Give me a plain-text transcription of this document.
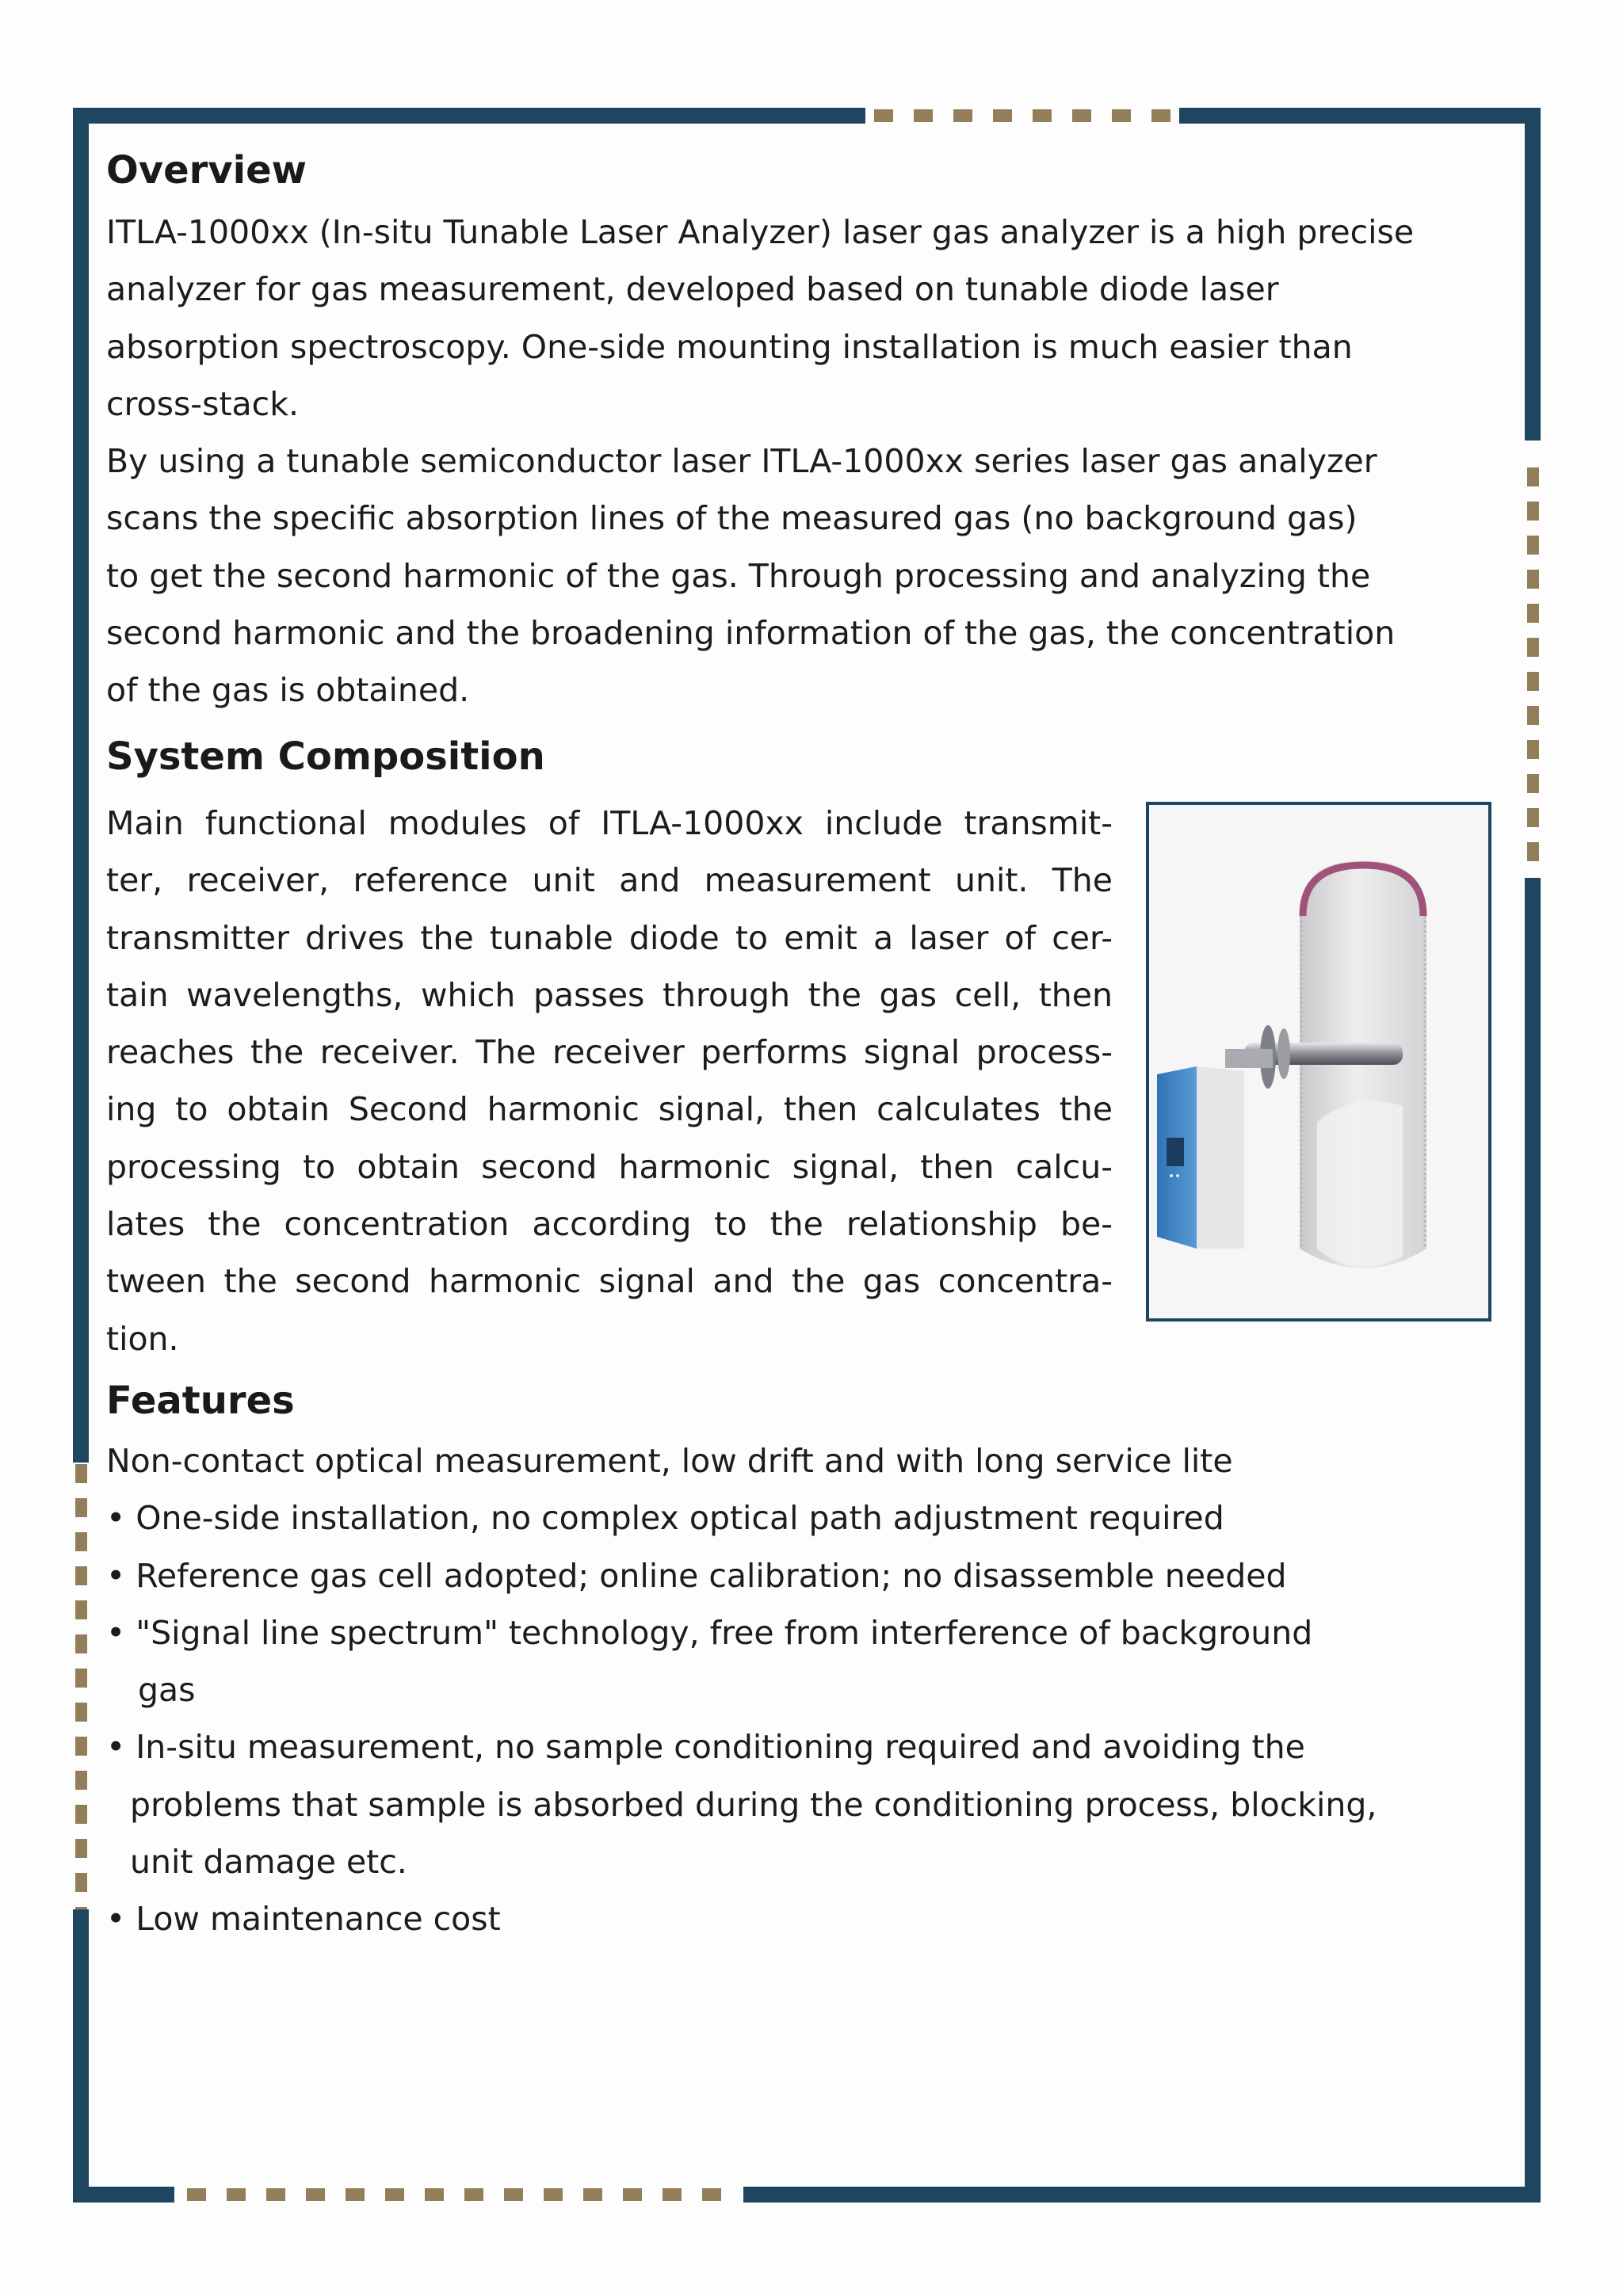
Overview
ITLA-1000xx (In-situ Tunable Laser Analyzer) laser gas analyzer is a high precise
analyzer for gas measurement, developed based on tunable diode laser
absorption spectroscopy. One-side mounting installation is much easier than
cross-stack.
By using a tunable semiconductor laser ITLA-1000xx series laser gas analyzer
scans the specific absorption lines of the measured gas (no background gas)
to get the second harmonic of the gas. Through processing and analyzing the
second harmonic and the broadening information of the gas, the concentration
of the gas is obtained.
System Composition
Main functional modules of ITLA-1000xx include transmit-
ter, receiver, reference unit and measurement unit. The
transmitter drives the tunable diode to emit a laser of cer-
tain wavelengths, which passes through the gas cell, then
reaches the receiver. The receiver performs signal process-
ing to obtain Second harmonic signal, then calculates the
processing to obtain second harmonic signal, then calcu-
lates the concentration according to the relationship be-
tween the second harmonic signal and the gas concentra-
tion.
Features
Non-contact optical measurement, low drift and with long service lite
• One-side installation, no complex optical path adjustment required
• Reference gas cell adopted; online calibration; no disassemble needed
• "Signal line spectrum" technology, free from interference of background
gas
• In-situ measurement, no sample conditioning required and avoiding the
problems that sample is absorbed during the conditioning process, blocking,
unit damage etc.
• Low maintenance cost
